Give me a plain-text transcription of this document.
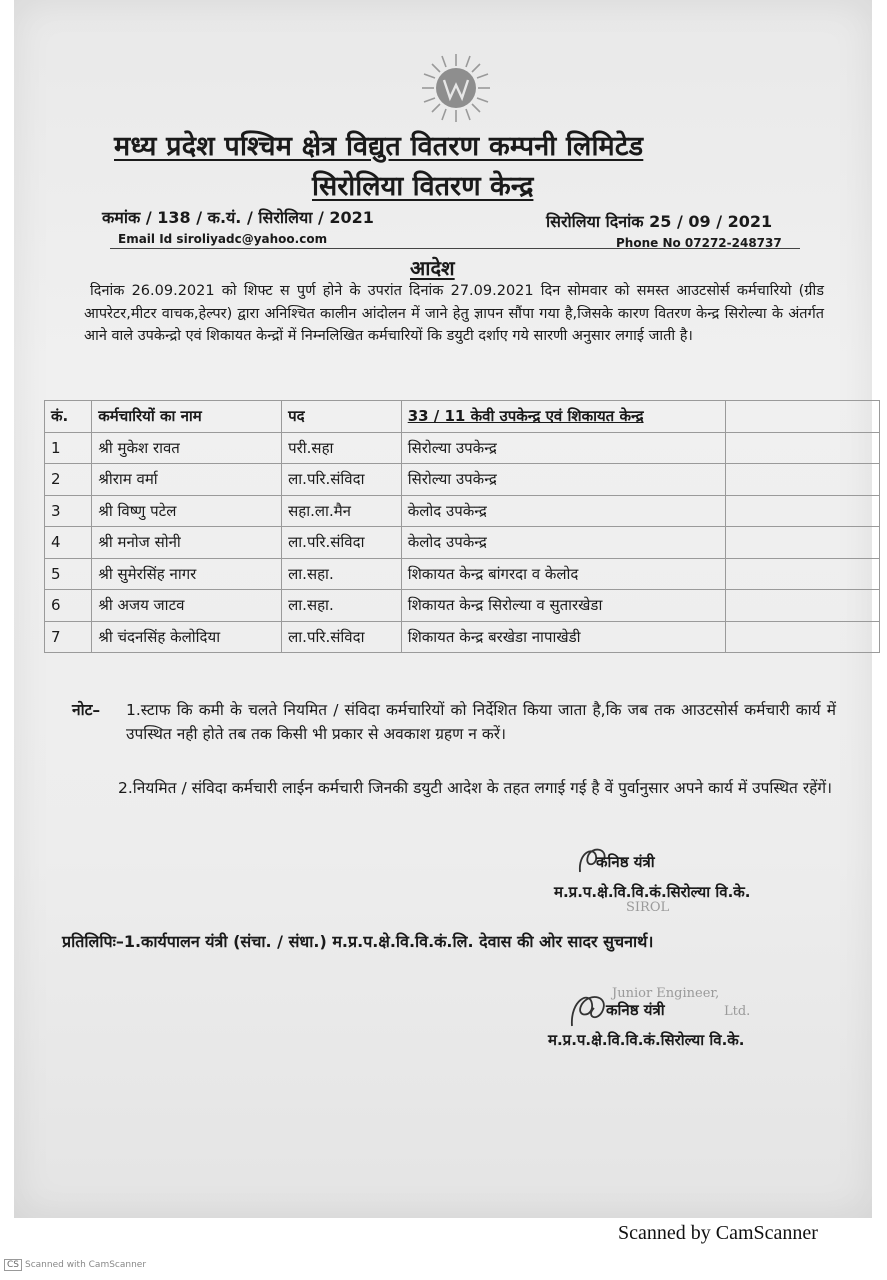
मध्य प्रदेश पश्चिम क्षेत्र विद्युत वितरण कम्पनी लिमिटेड
सिरोलिया वितरण केन्द्र
कमांक / 138 / क.यं. / सिरोलिया / 2021	सिरोलिया दिनांक 25 / 09 / 2021
Email Id siroliyadc@yahoo.com	Phone No 07272-248737
आदेश
दिनांक 26.09.2021 को शिफ्ट स पुर्ण होने के उपरांत दिनांक 27.09.2021 दिन सोमवार को समस्त आउटसोर्स कर्मचारियो (ग्रीड आपरेटर,मीटर वाचक,हेल्पर) द्वारा अनिश्चित कालीन आंदोलन में जाने हेतु ज्ञापन सौंपा गया है,जिसके कारण वितरण केन्द्र सिरोल्या के अंतर्गत आने वाले उपकेन्द्रो एवं शिकायत केन्द्रों में निम्नलिखित कर्मचारियों कि डयुटी दर्शाए गये सारणी अनुसार लगाई जाती है।
कं.	कर्मचारियों का नाम	पद	33 / 11 केवी उपकेन्द्र एवं शिकायत केन्द्र	
1	श्री मुकेश रावत	परी.सहा	सिरोल्या उपकेन्द्र	
2	श्रीराम वर्मा	ला.परि.संविदा	सिरोल्या उपकेन्द्र	
3	श्री विष्णु पटेल	सहा.ला.मैन	केलोद उपकेन्द्र	
4	श्री मनोज सोनी	ला.परि.संविदा	केलोद उपकेन्द्र	
5	श्री सुमेरसिंह नागर	ला.सहा.	शिकायत केन्द्र बांगरदा व केलोद	
6	श्री अजय जाटव	ला.सहा.	शिकायत केन्द्र सिरोल्या व सुतारखेडा	
7	श्री चंदनसिंह केलोदिया	ला.परि.संविदा	शिकायत केन्द्र बरखेडा नापाखेडी	
नोट– 1.स्टाफ कि कमी के चलते नियमित / संविदा कर्मचारियों को निर्देशित किया जाता है,कि जब तक आउटसोर्स कर्मचारी कार्य में उपस्थित नही होते तब तक किसी भी प्रकार से अवकाश ग्रहण न करें।
2.नियमित / संविदा कर्मचारी लाईन कर्मचारी जिनकी डयुटी आदेश के तहत लगाई गई है वें पुर्वानुसार अपने कार्य में उपस्थित रहेंगें।
कनिष्ठ यंत्री
म.प्र.प.क्षे.वि.वि.कं.सिरोल्या वि.के.
SIROL
प्रतिलिपिः–1.कार्यपालन यंत्री (संचा. / संधा.) म.प्र.प.क्षे.वि.वि.कं.लि. देवास की ओर सादर सुचनार्थ।
Junior Engineer,
Ltd.
कनिष्ठ यंत्री
म.प्र.प.क्षे.वि.वि.कं.सिरोल्या वि.के.
Scanned by CamScanner
CS Scanned with CamScanner
